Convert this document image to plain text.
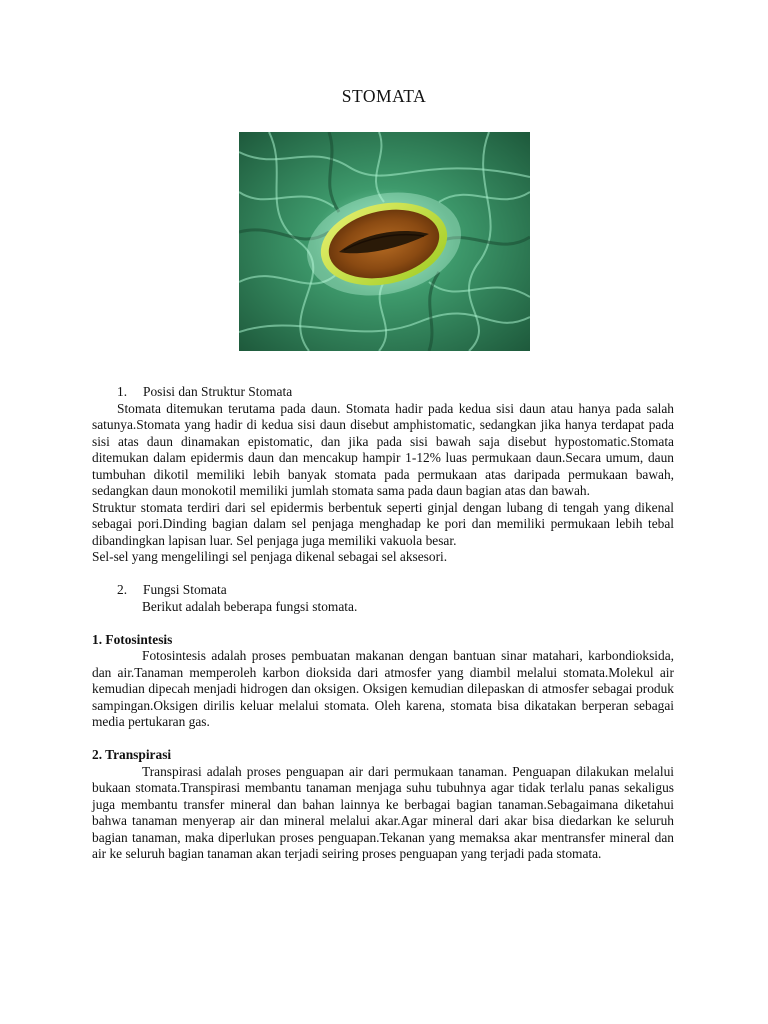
STOMATA

1. Posisi dan Struktur Stomata

Stomata ditemukan terutama pada daun. Stomata hadir pada kedua sisi daun atau hanya pada salah satunya.Stomata yang hadir di kedua sisi daun disebut amphistomatic, sedangkan jika hanya terdapat pada sisi atas daun dinamakan epistomatic, dan jika pada sisi bawah saja disebut hypostomatic.Stomata ditemukan dalam epidermis daun dan mencakup hampir 1-12% luas permukaan daun.Secara umum, daun tumbuhan dikotil memiliki lebih banyak stomata pada permukaan atas daripada permukaan bawah, sedangkan daun monokotil memiliki jumlah stomata sama pada daun bagian atas dan bawah.

Struktur stomata terdiri dari sel epidermis berbentuk seperti ginjal dengan lubang di tengah yang dikenal sebagai pori.Dinding bagian dalam sel penjaga menghadap ke pori dan memiliki permukaan lebih tebal dibandingkan lapisan luar. Sel penjaga juga memiliki vakuola besar.

Sel-sel yang mengelilingi sel penjaga dikenal sebagai sel aksesori.

2. Fungsi Stomata

Berikut adalah beberapa fungsi stomata.

1. Fotosintesis

Fotosintesis adalah proses pembuatan makanan dengan bantuan sinar matahari, karbondioksida, dan air.Tanaman memperoleh karbon dioksida dari atmosfer yang diambil melalui stomata.Molekul air kemudian dipecah menjadi hidrogen dan oksigen. Oksigen kemudian dilepaskan di atmosfer sebagai produk sampingan.Oksigen dirilis keluar melalui stomata. Oleh karena, stomata bisa dikatakan berperan sebagai media pertukaran gas.

2. Transpirasi

Transpirasi adalah proses penguapan air dari permukaan tanaman. Penguapan dilakukan melalui bukaan stomata.Transpirasi membantu tanaman menjaga suhu tubuhnya agar tidak terlalu panas sekaligus juga membantu transfer mineral dan bahan lainnya ke berbagai bagian tanaman.Sebagaimana diketahui bahwa tanaman menyerap air dan mineral melalui akar.Agar mineral dari akar bisa diedarkan ke seluruh bagian tanaman, maka diperlukan proses penguapan.Tekanan yang memaksa akar mentransfer mineral dan air ke seluruh bagian tanaman akan terjadi seiring proses penguapan yang terjadi pada stomata.
